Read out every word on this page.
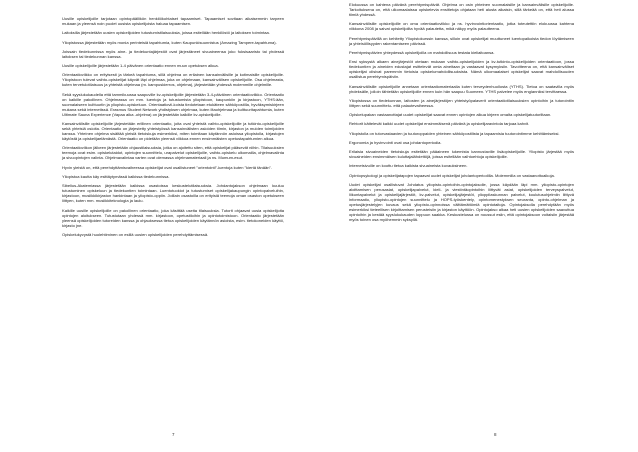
Uusille opiskelijoille tarjotaan opintopäällikön henkilökohtaiset tapaamiset. Tapaamiset sovitaan aikaisemmin tarpeen mukaan ja yleensä noin puolet uusista opiskelijoista haluaa tapaamisen.

Laitoksilla järjestetään uusien opiskelijoiden tutustumistilaisuuksia, joissa esitellään henkilöstö ja laitoksen toimintaa.

Yliopistossa järjestetään myös monia perinteisiä tapahtumia, kuten Kaupunkisuunnistus (Amazing Tampere-tapahtuma).

Joissain tiedekunnissa myös aine- ja tiedekuntajärjestöt ovat järjestäneet sivuaineensa joko fuksisaaristo tai yhdessä laitoksen tai tiedekunnan kanssa.

Uusille opiskelijoille järjestetään 1-4 päivänen orientaatio ennen muun opetuksen alkua.

Orientaatioviikko on erityisesti ja tärkeä tapahtuma, sillä ohjelma on erilainen kansainvälisille ja kotimaisille opiskelijoille. Yliopistoon tulevat vaihto-opiskelijat käyvät läpi ohjelmaa, joka on ohjelmaan, kansainvälisen opiskelijoille. Osa ohjelmasta, kuten tervetulotilaisuus ja yhteistä ohjelmaa (m. kampuskierros, ohjelma), järjestetään yhdessä molemmille ohjelmille.

Sekä syyslukukaudella että tammikuussa saapuville kv-opiskelijoille järjestetään 3-4-päiväinen orientaatioviikko. Orientaatio on kaikille pakollinen. Ohjelmassa on mm. luentoja ja tutustumista yliopistoon, kaupunkiin ja kirjastoon, YTHS:ään, suomalaiseen kulttuuriin ja yliopisto-opiskeluun. Orientaatiovii-koista tiedotetaan etukäteen sähköpostilla, hyväksymiskirjeen mukana sekä internetissä. Erasmus Student Network yhdistyksen ohjelmaa, kuten iltaohjelmaa ja kulttuuritapahtumia, kuten Ultimate Sauna Experience (Vapaa aika -ohjelma) on järjestetään kaikille kv-opiskelijoille.

Kansainvälisille opiskelijoille järjestetään erillinen orientaatio, joita ovat yhteistä vaihto-opiskelijoille ja tutkinto-opiskelijoille sekä yhteisiä osioita. Orientaatio on järjestetty yhteistyössä kansainvälisten asioiden tiimin, kirjaston ja muiden toimijoiden kanssa. Yhteinen ohjelma sisältää yleisiä tietoiskuja esimerkiksi, miten toimitaan käytännön asioissa yliopistolla, kirjastojen käytöstä ja opiskelijaelämästä. Orientaatio on pidetään yleensä viikkoa ennen ensimmäisten opetustapahtumien alkua.

Orientaatioviikon jälkeen järjestetään ohjaustilaisuuksia, jotka on ajoitettu siten, että opiskelijat pääsevät niihin. Tilaisuuksien teemoja ovat esim. opiskelutaidot, opintojen suunnittelu, urapalvelut opiskelijoille, vaihto-opiskelu ulkomailla, ohjelmavalinta ja sivuopintojen valinta. Ohjelmavalintaa varten ovat olemassa ohjelmamateriaali ja ns. Mumum-esut.

Hyvin yleistä on, että perehdyttämisvaiheessa opiskelijat ovat osallistuneet "orientointi"-luentoja kuten "kiertä tänään".

Yliopistoa kautta käy esittäytymässä kaikissa tiedekunnissa.

Sibelius-Akatemiassa järjestetään kaikissa osastoissa keskustelutilaisuuksia. Johdantojakson ohjelmaan kuuluu tutustuminen opiskeluun ja tiedekuntien toimintaan. Luentotuokiot ja tutustumiset opiskelijakaupungin opintopalveluihin, kirjastoon, musiikkikirjaston hankintaan ja yliopisto-oppiin. Joillain osastoilla on erityisiä teemoja oman osaston opetukseen liittyen, kuten mm. musiikkiteknologia ja laulu.

Kaikille uusille opiskelijoille on pakollinen orientaatio, joka käsittää useita tilaisuuksia. Tutorit ohjaavat uusia opiskelijoita opintojen aloitukseen. Tutustutaan yhdessä mm. kirjastoon, opetustiloihin ja opintotoimistoon. Orientaatio järjestetään yleensä opiskelijoiden tutoreiden kanssa ja ohjauksessa tietoa opiskelijoiden käytännön asioista, esim. tietokoneiden käyttö, kirjasto jne.

Opiskelukyvystä huolehtiminen on esillä uusien opiskelijoiden perehdyttämisessä.

7

Elokuussa on kahtena päivänä perehtymispäivät. Ohjelma on osin yhteinen suomalaisille ja kansainvälisille opiskelijoille. Tarkoituksena on, että ulkomaalaissa opiskelevia ensitietoja ohjataan heti alusta aikaisin, sillä tärkeää on, että heti alussa tiimiä yhdessä.

Kansainvälisille opiskelijoille on oma orientaatioviikko ja ns. hyvinvointiorientaatio, jotka toteutettiin elokuussa kahtena viikkona 2008 ja saivat opiskelijoilta hyvää palautetta, mikä näkyy myös palautteena.

Perehtymispäivillä on kehitetty Yliopistokurssin kanssa, silloin ovat opiskelijat muuttuneet luentopaikoista tiedon löytämiseen ja yhteisöllisyyden rakentamiseen päivissä.

Perehtymispäivien yhteydessä opiskelijoilla on mahdollisuus testata kieliaitoansa.

Ensi syksystä alkaen ainejärjestöt otetaan mukaan vaihto-opiskelijoiden ja kv-tutkinto-opiskelijoiden orientaatioon, jossa tiedekuntien ja aineiden edustajat esittelevät omia aineitaan ja vastaavat kysymyksiin. Tavoitteena on, että kansainväliset opiskelijat olisivat paremmin tietoisia opiskelumahdollisuuksista. Nämä ulkomaalaiset opiskelijat saavat mahdollisuuden osallistua perehtymispäiviin.

Kansainvälisille opiskelijoille annetaan orientaatiomateriaalia kuten terveydenhuollosta (YTHS). Tietoa on saatavilla myös yhdeksälle, jolloin tähtetään opiskelijoille ennen kuin hän saapuu Suomeen. YTHS palvelee myös englanniksi tervittaessa.

Yliopistossa on tiedekunnan, laitosten ja ainejärjestöjen yhteistyöpalaverit orientaatiotilaisuuksien opintoihin ja tutorointiin liittyen sekä suunnittelu- että palautevaiheessa.

Opiskelupakan vastaanottajat uudet opiskelijat saavat ennen opintojen alkua kirjeen omalta opiskelijatuutoriltaan.

Rehtorit kättelevät kaikki uudet opiskelijat ensimmäisenä päivänä ja opiskelijaravintola tarjoaa kahvit.

Yliopistolla on tutorvastaavien ja tuutoroppaiden yhteinen sähköpostilista ja tapaamisia tuutorointimme kehittämiseksi.

Ergonomia ja hyvinvointi ovat osa johdantoperiodia.

Erilaisia sivuaineiden tietoiskuja esitetään pääaineen lukemista kannustaville lisäopiskelijoille. Yliopisto järjestää myös sivuaineiden ensimmäisen kuluttajalähdettöjä, joissa esitellään vaihtoehtoja opiskelijoille.

Internetsivuille on koottu tietoa kaikista sivuaineista kuvauksineen.

Opintopsykologi ja opiskelijatapojen tapaavat uudet opiskelijat johdantoperiodilla. Molemmilla on vastaanottoaikoja.

Uudet opiskelijat osallistuvat Johdatus yliopisto-opintoihin-opintojaksolle, jossa käydään läpi mm. yliopisto-opintojen aloittamisen perusasiat, opiskelijapalvelut, kieli- ja viestintäopintoihin liittyvät asiat, opiskelijoiden terveyspalvelut, liikuntapalvelut ja opiskelijajärjestöt, kv-palvelut, opiskelijajärjestöt, ylioppilaskunnan palvelut, koulutusohjelmiin liittyvä informaatio, yliopisto-opintojen suunnittelu ja HOPS-työskentely, opintomenestyksen seuranta, opinto-ohjelman ja opetusjärjestelyjen kuvaus sekä yliopisto-opinnoissa välttämättömiä opintotaitoja. Opintojaksolla perehdytään myös esimerkiksi tieteellisen kirjoittamisen perusteisiin ja kirjaston käyttöön. Opintojakso alkaa heti uusien opiskelijoiden saavuttua opintoihin ja kestää syyslukukauden loppuun saakka. Keskustelussa on noussut esiin, että opintojaksoon voitaisiin järjestää myös toinen osa myöhemmin syksyllä.

8
